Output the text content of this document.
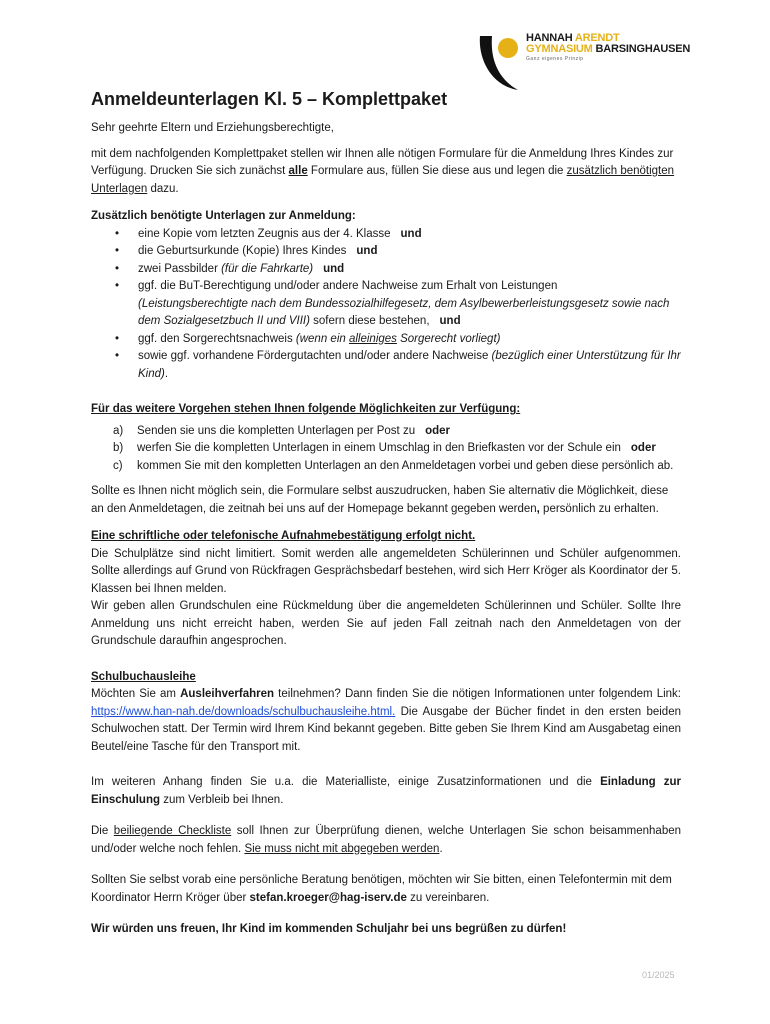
HANNAH ARENDT
GYMNASIUM BARSINGHAUSEN
Ganz eigenes Prinzip
Anmeldeunterlagen Kl. 5 – Komplettpaket

Sehr geehrte Eltern und Erziehungsberechtigte,

mit dem nachfolgenden Komplettpaket stellen wir Ihnen alle nötigen Formulare für die Anmeldung Ihres Kindes zur Verfügung. Drucken Sie sich zunächst alle Formulare aus, füllen Sie diese aus und legen die zusätzlich benötigten Unterlagen dazu.

Zusätzlich benötigte Unterlagen zur Anmeldung:

• eine Kopie vom letzten Zeugnis aus der 4. Klasse und
• die Geburtsurkunde (Kopie) Ihres Kindes und
• zwei Passbilder (für die Fahrkarte) und
• ggf. die BuT-Berechtigung und/oder andere Nachweise zum Erhalt von Leistungen
(Leistungsberechtigte nach dem Bundessozialhilfegesetz, dem Asylbewerberleistungsgesetz sowie nach dem Sozialgesetzbuch II und VIII) sofern diese bestehen, und
• ggf. den Sorgerechtsnachweis (wenn ein alleiniges Sorgerecht vorliegt)
• sowie ggf. vorhandene Fördergutachten und/oder andere Nachweise (bezüglich einer Unterstützung für Ihr Kind).

Für das weitere Vorgehen stehen Ihnen folgende Möglichkeiten zur Verfügung:

a) Senden sie uns die kompletten Unterlagen per Post zu oder
b) werfen Sie die kompletten Unterlagen in einem Umschlag in den Briefkasten vor der Schule ein oder
c) kommen Sie mit den kompletten Unterlagen an den Anmeldetagen vorbei und geben diese persönlich ab.

Sollte es Ihnen nicht möglich sein, die Formulare selbst auszudrucken, haben Sie alternativ die Möglichkeit, diese an den Anmeldetagen, die zeitnah bei uns auf der Homepage bekannt gegeben werden, persönlich zu erhalten.

Eine schriftliche oder telefonische Aufnahmebestätigung erfolgt nicht.

Die Schulplätze sind nicht limitiert. Somit werden alle angemeldeten Schülerinnen und Schüler aufgenommen. Sollte allerdings auf Grund von Rückfragen Gesprächsbedarf bestehen, wird sich Herr Kröger als Koordinator der 5. Klassen bei Ihnen melden.

Wir geben allen Grundschulen eine Rückmeldung über die angemeldeten Schülerinnen und Schüler. Sollte Ihre Anmeldung uns nicht erreicht haben, werden Sie auf jeden Fall zeitnah nach den Anmeldetagen von der Grundschule daraufhin angesprochen.

Schulbuchausleihe

Möchten Sie am Ausleihverfahren teilnehmen? Dann finden Sie die nötigen Informationen unter folgendem Link: https://www.han-nah.de/downloads/schulbuchausleihe.html. Die Ausgabe der Bücher findet in den ersten beiden Schulwochen statt. Der Termin wird Ihrem Kind bekannt gegeben. Bitte geben Sie Ihrem Kind am Ausgabetag einen Beutel/eine Tasche für den Transport mit.

Im weiteren Anhang finden Sie u.a. die Materialliste, einige Zusatzinformationen und die Einladung zur Einschulung zum Verbleib bei Ihnen.

Die beiliegende Checkliste soll Ihnen zur Überprüfung dienen, welche Unterlagen Sie schon beisammenhaben und/oder welche noch fehlen. Sie muss nicht mit abgegeben werden.

Sollten Sie selbst vorab eine persönliche Beratung benötigen, möchten wir Sie bitten, einen Telefontermin mit dem Koordinator Herrn Kröger über stefan.kroeger@hag-iserv.de zu vereinbaren.

Wir würden uns freuen, Ihr Kind im kommenden Schuljahr bei uns begrüßen zu dürfen!

01/2025
